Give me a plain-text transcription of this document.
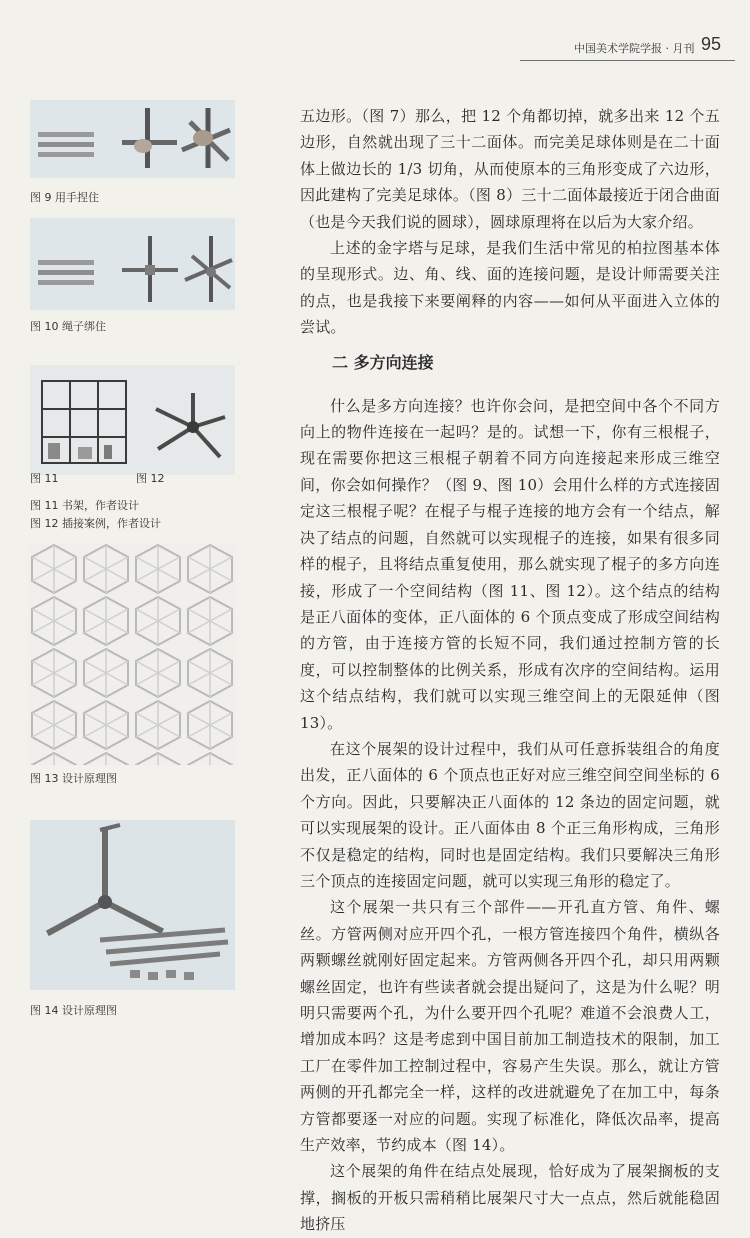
中国美术学院学报 · 月刊 95
图 9 用手捏住
图 10 绳子绑住
图 11	图 12
图 11 书架，作者设计
图 12 插接案例，作者设计
图 13 设计原理图
图 14 设计原理图

五边形。（图 7）那么，把 12 个角都切掉，就多出来 12 个五边形，自然就出现了三十二面体。而完美足球体则是在二十面体上做边长的 1/3 切角，从而使原本的三角形变成了六边形，因此建构了完美足球体。（图 8）三十二面体最接近于闭合曲面（也是今天我们说的圆球），圆球原理将在以后为大家介绍。

上述的金字塔与足球，是我们生活中常见的柏拉图基本体的呈现形式。边、角、线、面的连接问题，是设计师需要关注的点，也是我接下来要阐释的内容——如何从平面进入立体的尝试。

二 多方向连接

什么是多方向连接？也许你会问，是把空间中各个不同方向上的物件连接在一起吗？是的。试想一下，你有三根棍子，现在需要你把这三根棍子朝着不同方向连接起来形成三维空间，你会如何操作？（图 9、图 10）会用什么样的方式连接固定这三根棍子呢？在棍子与棍子连接的地方会有一个结点，解决了结点的问题，自然就可以实现棍子的连接，如果有很多同样的棍子，且将结点重复使用，那么就实现了棍子的多方向连接，形成了一个空间结构（图 11、图 12）。这个结点的结构是正八面体的变体，正八面体的 6 个顶点变成了形成空间结构的方管，由于连接方管的长短不同，我们通过控制方管的长度，可以控制整体的比例关系，形成有次序的空间结构。运用这个结点结构，我们就可以实现三维空间上的无限延伸（图 13）。

在这个展架的设计过程中，我们从可任意拆装组合的角度出发，正八面体的 6 个顶点也正好对应三维空间空间坐标的 6 个方向。因此，只要解决正八面体的 12 条边的固定问题，就可以实现展架的设计。正八面体由 8 个正三角形构成，三角形不仅是稳定的结构，同时也是固定结构。我们只要解决三角形三个顶点的连接固定问题，就可以实现三角形的稳定了。

这个展架一共只有三个部件——开孔直方管、角件、螺丝。方管两侧对应开四个孔，一根方管连接四个角件，横纵各两颗螺丝就刚好固定起来。方管两侧各开四个孔，却只用两颗螺丝固定，也许有些读者就会提出疑问了，这是为什么呢？明明只需要两个孔，为什么要开四个孔呢？难道不会浪费人工，增加成本吗？这是考虑到中国目前加工制造技术的限制，加工工厂在零件加工控制过程中，容易产生失误。那么，就让方管两侧的开孔都完全一样，这样的改进就避免了在加工中，每条方管都要逐一对应的问题。实现了标准化，降低次品率，提高生产效率，节约成本（图 14）。

这个展架的角件在结点处展现，恰好成为了展架搁板的支撑，搁板的开板只需稍稍比展架尺寸大一点点，然后就能稳固地挤压
